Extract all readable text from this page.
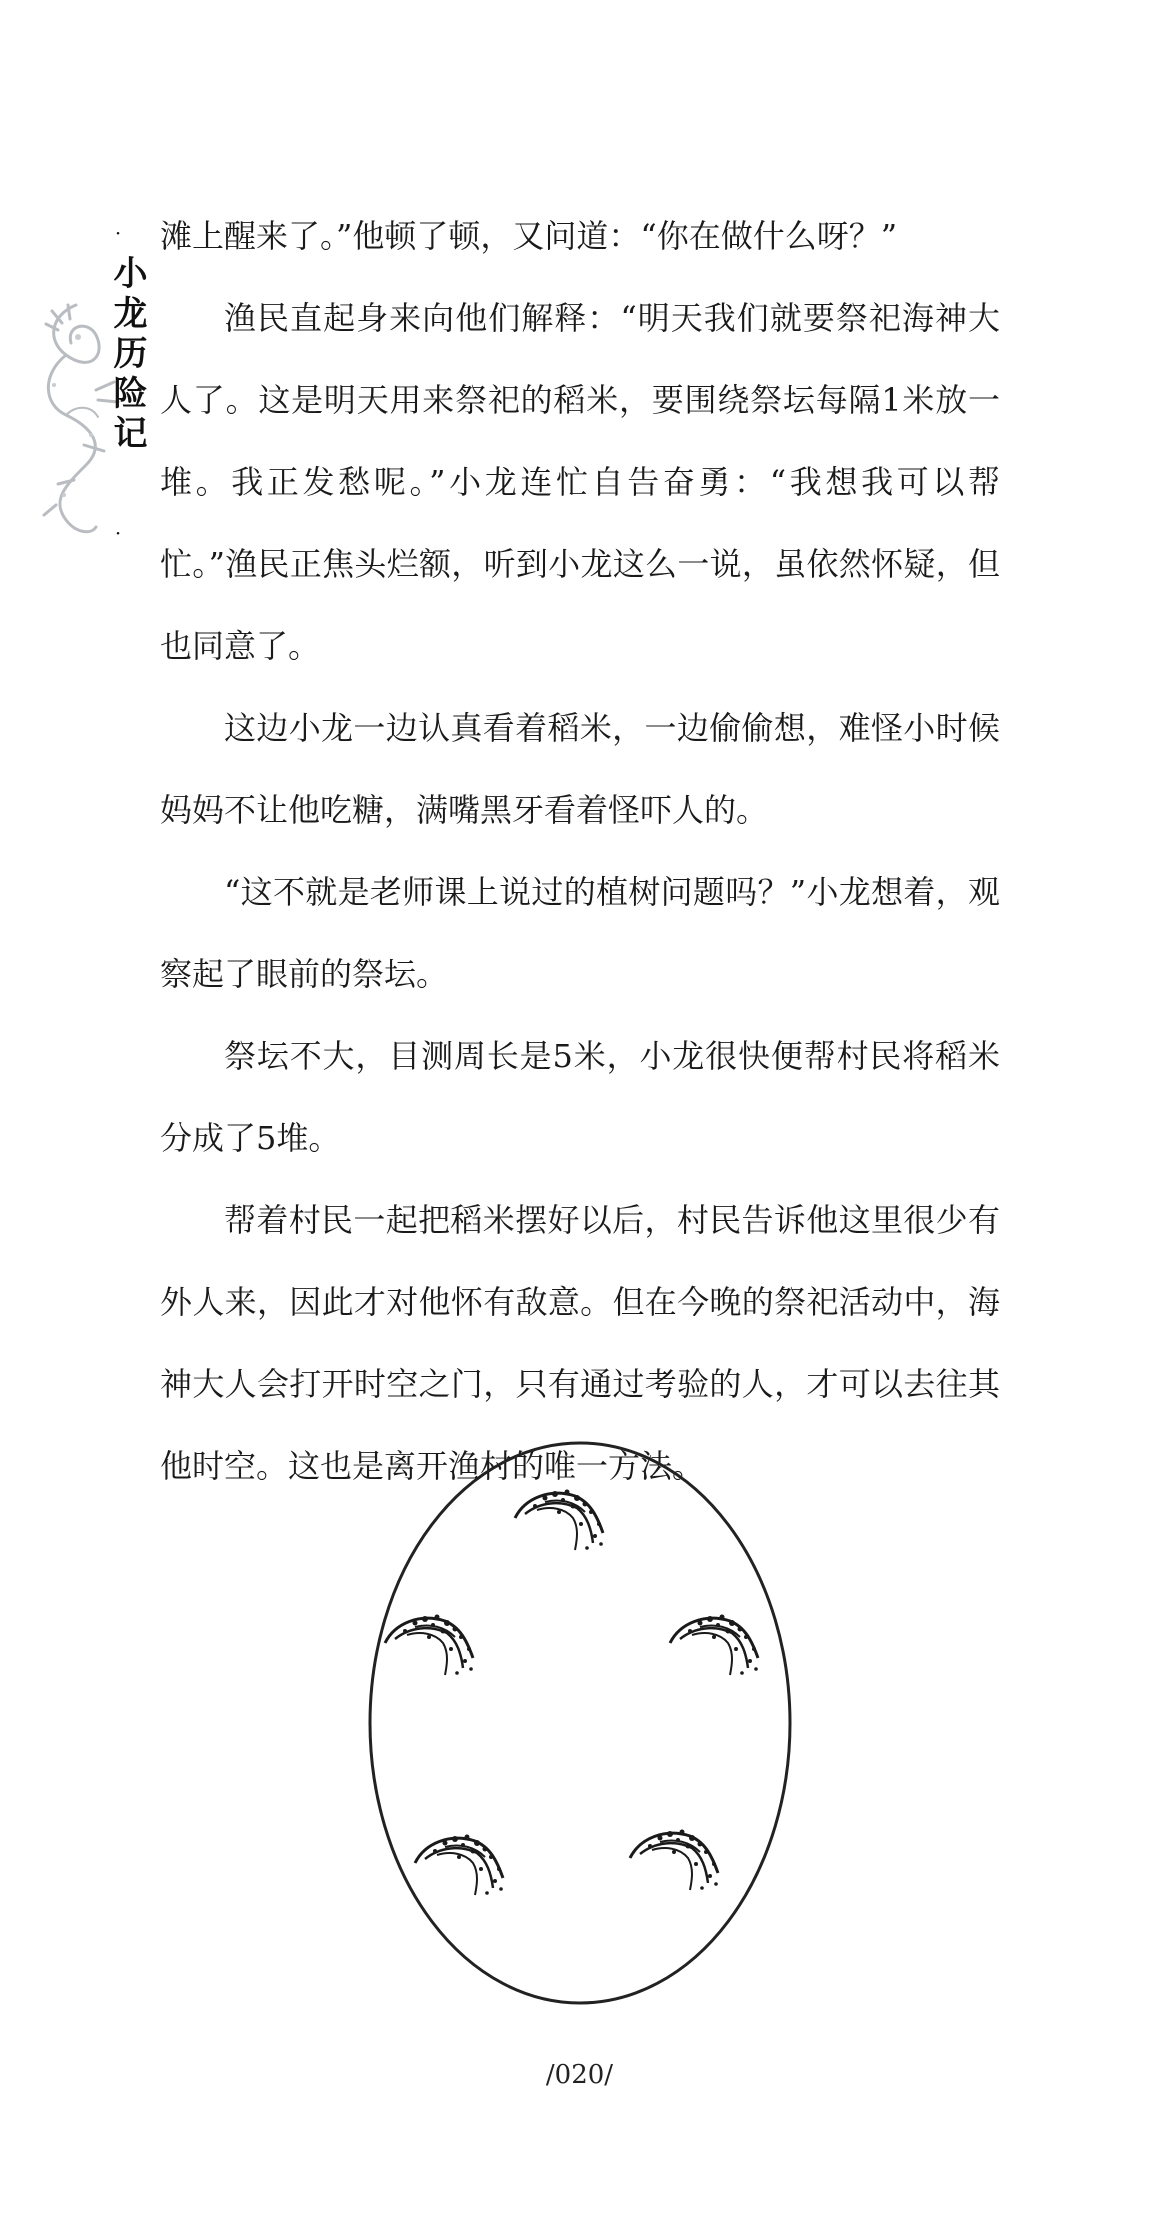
·
小龙历险记
·

滩上醒来了。”他顿了顿，又问道：“你在做什么呀？”

渔民直起身来向他们解释：“明天我们就要祭祀海神大人了。这是明天用来祭祀的稻米，要围绕祭坛每隔1米放一堆。我正发愁呢。”小龙连忙自告奋勇：“我想我可以帮忙。”渔民正焦头烂额，听到小龙这么一说，虽依然怀疑，但也同意了。

这边小龙一边认真看着稻米，一边偷偷想，难怪小时候妈妈不让他吃糖，满嘴黑牙看着怪吓人的。

“这不就是老师课上说过的植树问题吗？”小龙想着，观察起了眼前的祭坛。

祭坛不大，目测周长是5米，小龙很快便帮村民将稻米分成了5堆。

帮着村民一起把稻米摆好以后，村民告诉他这里很少有外人来，因此才对他怀有敌意。但在今晚的祭祀活动中，海神大人会打开时空之门，只有通过考验的人，才可以去往其他时空。这也是离开渔村的唯一方法。

/020/
